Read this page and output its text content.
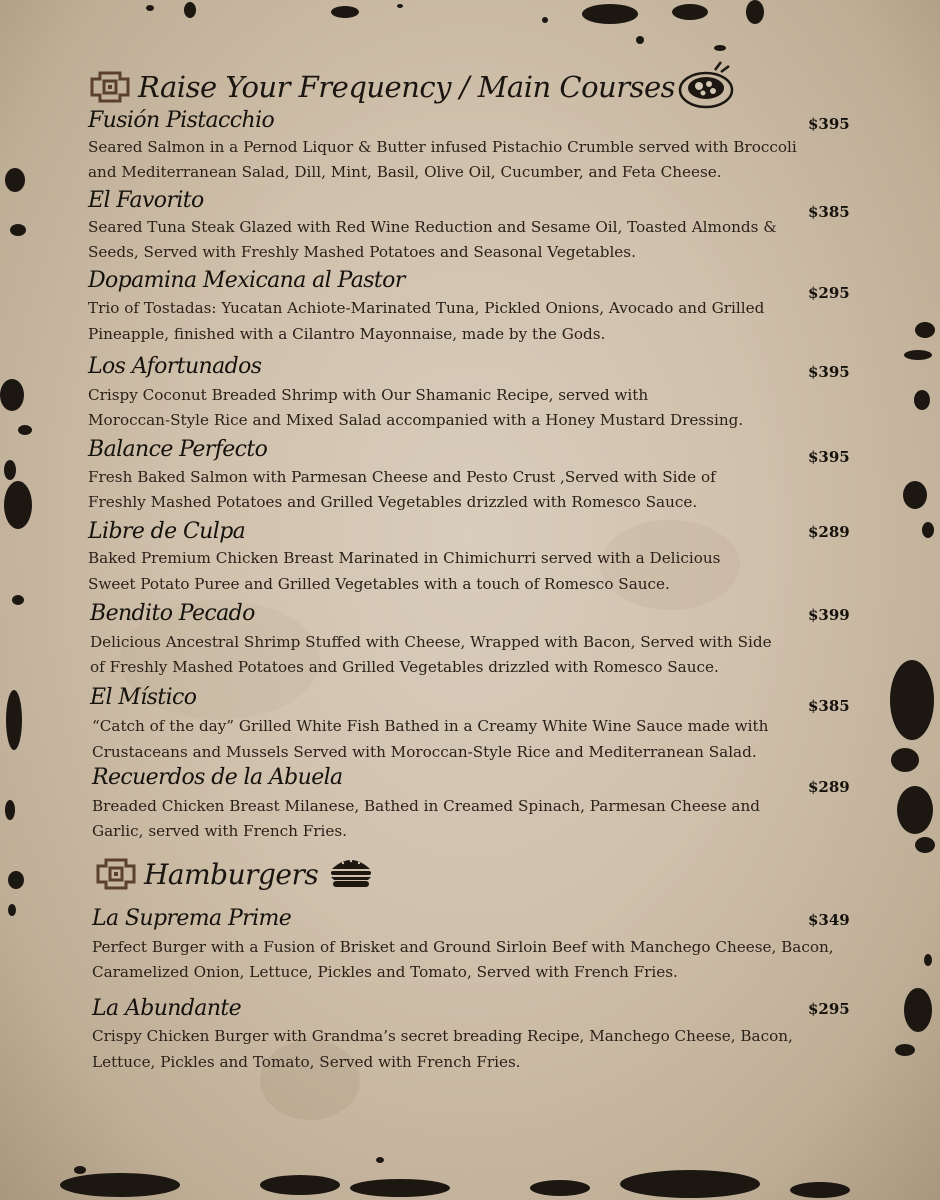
Raise Your Frequency / Main Courses
Fusión Pistacchio	$395
Seared Salmon in a Pernod Liquor & Butter infused Pistachio Crumble served with Broccoli
and Mediterranean Salad, Dill, Mint, Basil, Olive Oil, Cucumber, and Feta Cheese.
El Favorito	$385
Seared Tuna Steak Glazed with Red Wine Reduction and Sesame Oil, Toasted Almonds &
Seeds, Served with Freshly Mashed Potatoes and Seasonal Vegetables.
Dopamina Mexicana al Pastor	$295
Trio of Tostadas: Yucatan Achiote-Marinated Tuna, Pickled Onions, Avocado and Grilled
Pineapple, finished with a Cilantro Mayonnaise, made by the Gods.
Los Afortunados	$395
Crispy Coconut Breaded Shrimp with Our Shamanic Recipe, served with
Moroccan-Style Rice and Mixed Salad accompanied with a Honey Mustard Dressing.
Balance Perfecto	$395
Fresh Baked Salmon with Parmesan Cheese and Pesto Crust ,Served with Side of
Freshly Mashed Potatoes and Grilled Vegetables drizzled with Romesco Sauce.
Libre de Culpa	$289
Baked Premium Chicken Breast Marinated in Chimichurri served with a Delicious
Sweet Potato Puree and Grilled Vegetables with a touch of Romesco Sauce.
Bendito Pecado	$399
Delicious Ancestral Shrimp Stuffed with Cheese, Wrapped with Bacon, Served with Side
of Freshly Mashed Potatoes and Grilled Vegetables drizzled with Romesco Sauce.
El Místico	$385
“Catch of the day” Grilled White Fish Bathed in a Creamy White Wine Sauce made with
Crustaceans and Mussels Served with Moroccan-Style Rice and Mediterranean Salad.
Recuerdos de la Abuela	$289
Breaded Chicken Breast Milanese, Bathed in Creamed Spinach, Parmesan Cheese and
Garlic, served with French Fries.
Hamburgers
La Suprema Prime	$349
Perfect Burger with a Fusion of Brisket and Ground Sirloin Beef with Manchego Cheese, Bacon,
Caramelized Onion, Lettuce, Pickles and Tomato, Served with French Fries.
La Abundante	$295
Crispy Chicken Burger with Grandma’s secret breading Recipe, Manchego Cheese, Bacon,
Lettuce, Pickles and Tomato, Served with French Fries.
